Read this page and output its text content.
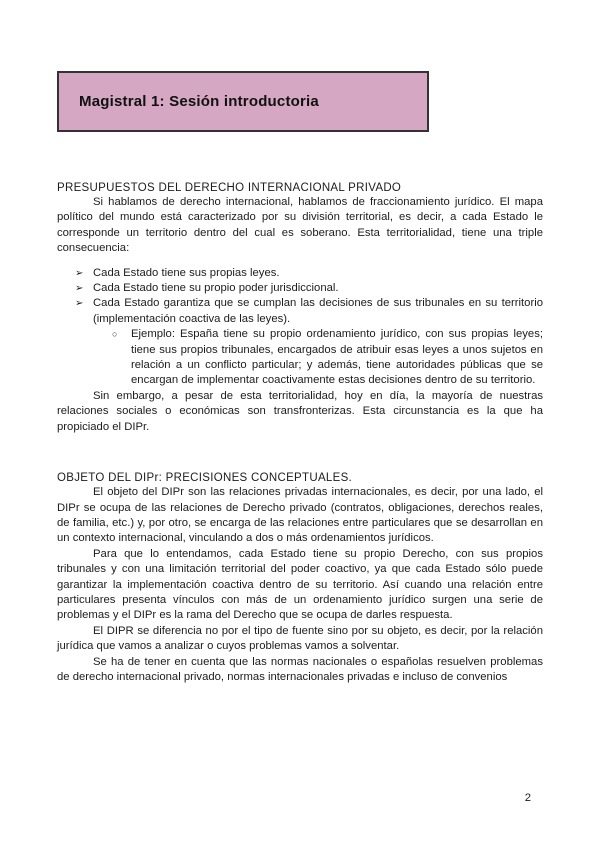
Magistral 1: Sesión introductoria
PRESUPUESTOS DEL DERECHO INTERNACIONAL PRIVADO

Si hablamos de derecho internacional, hablamos de fraccionamiento jurídico. El mapa político del mundo está caracterizado por su división territorial, es decir, a cada Estado le corresponde un territorio dentro del cual es soberano. Esta territorialidad, tiene una triple consecuencia:

➢ Cada Estado tiene sus propias leyes.
➢ Cada Estado tiene su propio poder jurisdiccional.
➢ Cada Estado garantiza que se cumplan las decisiones de sus tribunales en su territorio (implementación coactiva de las leyes).
○	Ejemplo: España tiene su propio ordenamiento jurídico, con sus propias leyes; tiene sus propios tribunales, encargados de atribuir esas leyes a unos sujetos en relación a un conflicto particular; y además, tiene autoridades públicas que se encargan de implementar coactivamente estas decisiones dentro de su territorio.

Sin embargo, a pesar de esta territorialidad, hoy en día, la mayoría de nuestras relaciones sociales o económicas son transfronterizas. Esta circunstancia es la que ha propiciado el DIPr.

OBJETO DEL DIPr: PRECISIONES CONCEPTUALES.

El objeto del DIPr son las relaciones privadas internacionales, es decir, por una lado, el DIPr se ocupa de las relaciones de Derecho privado (contratos, obligaciones, derechos reales, de familia, etc.) y, por otro, se encarga de las relaciones entre particulares que se desarrollan en un contexto internacional, vinculando a dos o más ordenamientos jurídicos.

Para que lo entendamos, cada Estado tiene su propio Derecho, con sus propios tribunales y con una limitación territorial del poder coactivo, ya que cada Estado sólo puede garantizar la implementación coactiva dentro de su territorio. Así cuando una relación entre particulares presenta vínculos con más de un ordenamiento jurídico surgen una serie de problemas y el DIPr es la rama del Derecho que se ocupa de darles respuesta.

El DIPR se diferencia no por el tipo de fuente sino por su objeto, es decir, por la relación jurídica que vamos a analizar o cuyos problemas vamos a solventar.

Se ha de tener en cuenta que las normas nacionales o españolas resuelven problemas de derecho internacional privado, normas internacionales privadas e incluso de convenios

2
